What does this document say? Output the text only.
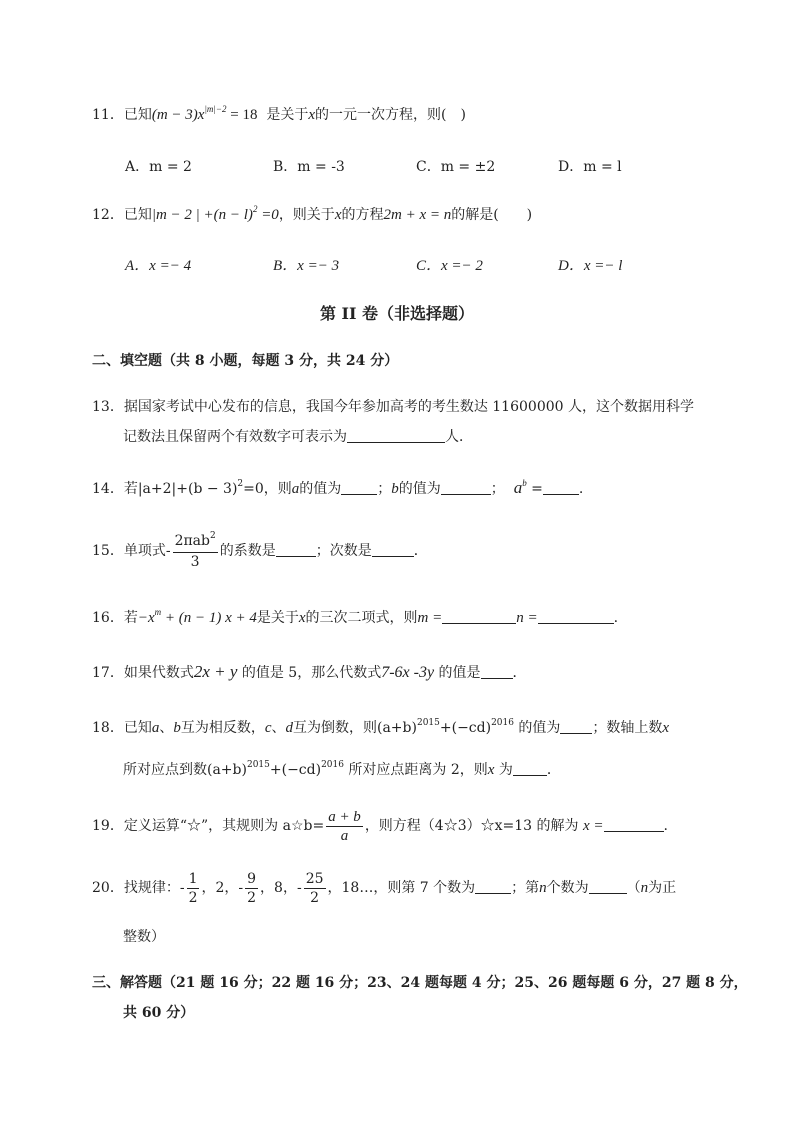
11．已知$(m - 3)x^{|m|-2} = 18$ 是关于x的一元一次方程，则(　)
A．m = 2	B．m = -3	C．m = ±2	D．m = l
12．已知|m − 2 | $+(n - l)^2 =0$，则关于x的方程2m + x = n的解是(　　)
A．x =− 4	B．x =− 3	C．x =− 2	D．x =− l
第 II 卷（非选择题）
二、填空题（共 8 小题，每题 3 分，共 24 分）
13．据国家考试中心发布的信息，我国今年参加高考的考生数达 11600000 人，这个数据用科学
记数法且保留两个有效数字可表示为	人．
14．若$|a+2|+(b - 3)^2=0$，则a的值为	；b的值为	； $a^b$ =	.
15．单项式- $\frac{2\pi ab^2}{3}$ 的系数是	；次数是	．
16．若$-x^m + (n - 1) x + 4$是关于x的三次二项式，则m =	n =	.
17．如果代数式2x + y 的值是 5，那么代数式7-6x -3y 的值是 ．
18．已知a、b互为相反数，c、d互为倒数，则$(a+b)^{2015}+(-cd)^{2016}$ 的值为 ；数轴上数x
所对应点到数$(a+b)^{2015}+(-cd)^{2016}$ 所对应点距离为 2，则x 为 ．
19．定义运算“☆”，其规则为 a☆b= $\frac{a + b}{a}$ ，则方程（4☆3）☆x=13 的解为 x =	.
20．找规律：- $\frac{1}{2}$ ，2，- $\frac{9}{2}$ ，8，- $\frac{25}{2}$ ，18…，则第 7 个数为	；第n个数为	（n为正
整数）
三、解答题（21 题 16 分；22 题 16 分；23、24 题每题 4 分；25、26 题每题 6 分，27 题 8 分，
共 60 分）
